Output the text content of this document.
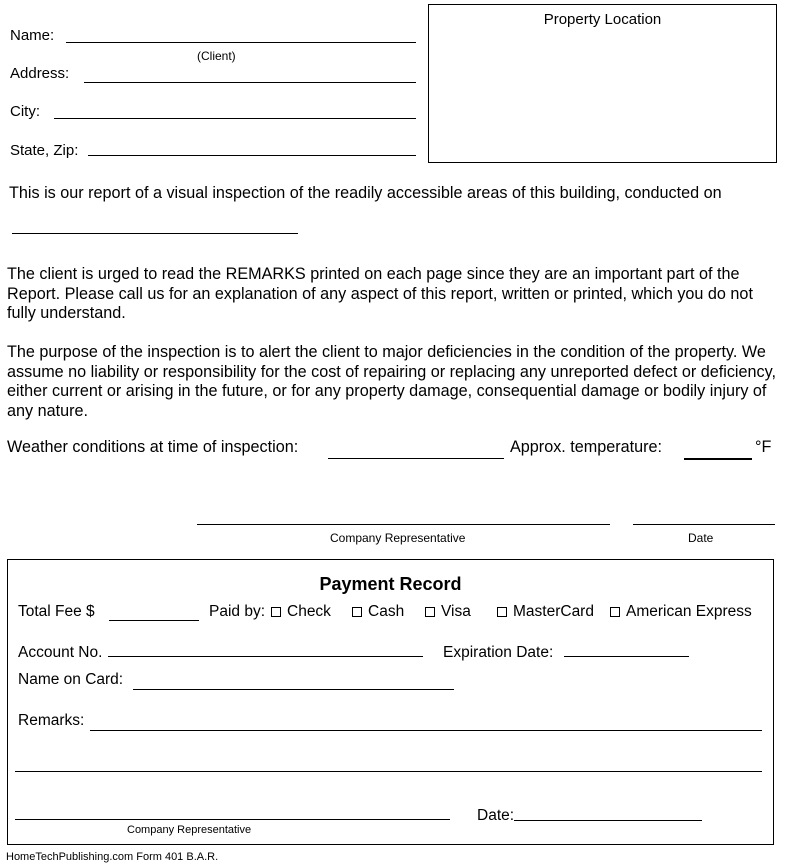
Name:
(Client)
Address:
City:
State, Zip:
Property Location
This is our report of a visual inspection of the readily accessible areas of this building, conducted on
The client is urged to read the REMARKS printed on each page since they are an important part of the Report. Please call us for an explanation of any aspect of this report, written or printed, which you do not fully understand.
The purpose of the inspection is to alert the client to major deficiencies in the condition of the property. We assume no liability or responsibility for the cost of repairing or replacing any unreported defect or deficiency, either current or arising in the future, or for any property damage, consequential damage or bodily injury of any nature.
Weather conditions at time of inspection:	Approx. temperature:	°F
Company Representative	Date
Payment Record
Total Fee $	Paid by:	Check	Cash	Visa	MasterCard	American Express
Account No.	Expiration Date:
Name on Card:
Remarks:
Company Representative
Date:
HomeTechPublishing.com Form 401 B.A.R.
